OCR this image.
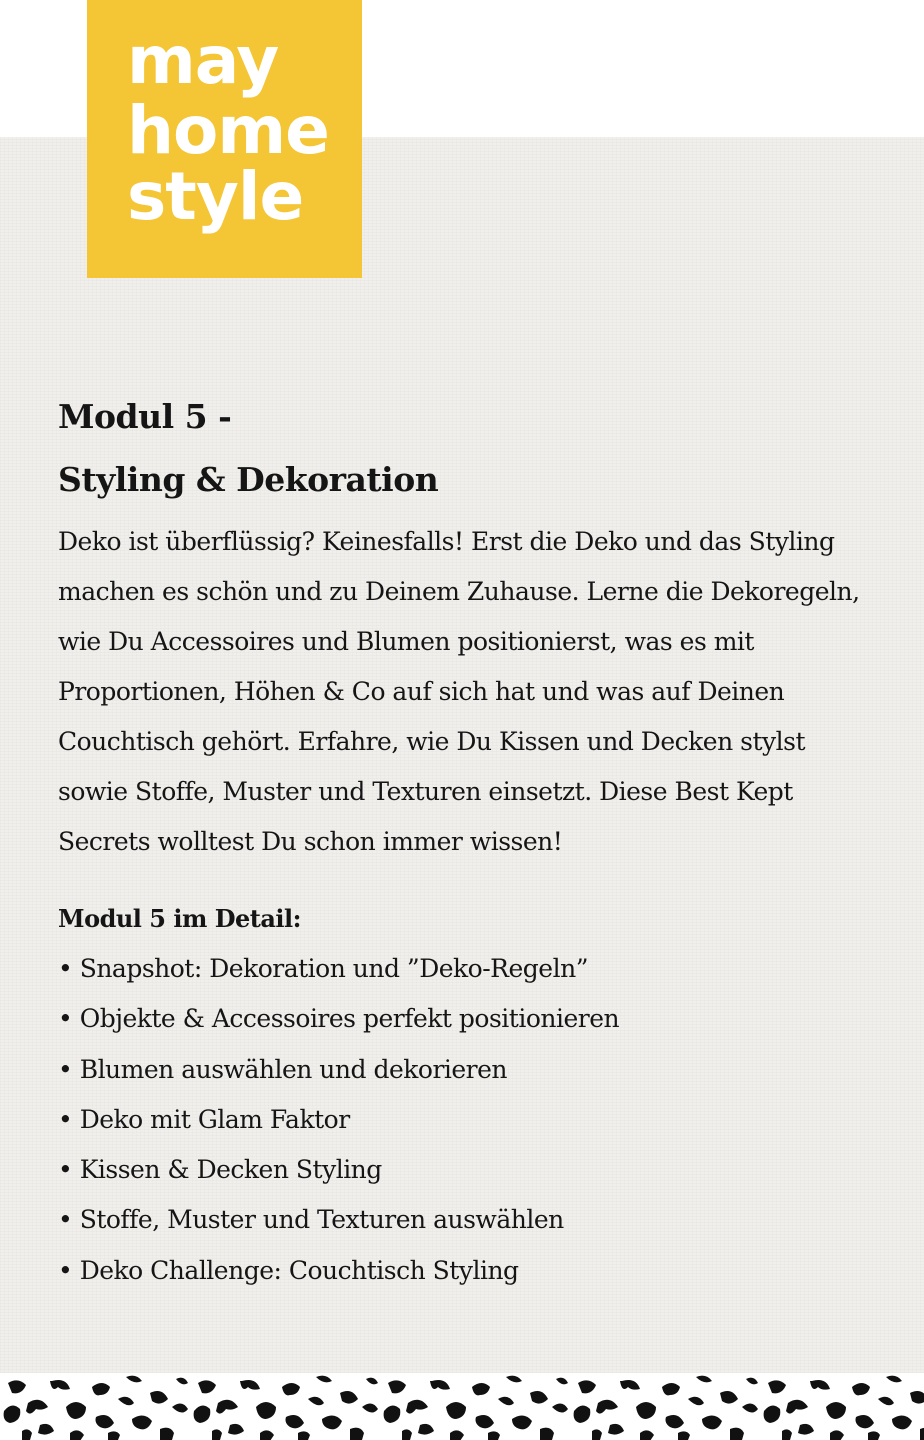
may
home
style
Modul 5 -
Styling & Dekoration

Deko ist überflüssig? Keinesfalls! Erst die Deko und das Styling machen es schön und zu Deinem Zuhause. Lerne die Dekoregeln, wie Du Accessoires und Blumen positionierst, was es mit Proportionen, Höhen & Co auf sich hat und was auf Deinen Couchtisch gehört. Erfahre, wie Du Kissen und Decken stylst sowie Stoffe, Muster und Texturen einsetzt. Diese Best Kept Secrets wolltest Du schon immer wissen!

Modul 5 im Detail:

• Snapshot: Dekoration und ”Deko-Regeln”
• Objekte & Accessoires perfekt positionieren
• Blumen auswählen und dekorieren
• Deko mit Glam Faktor
• Kissen & Decken Styling
• Stoffe, Muster und Texturen auswählen
• Deko Challenge: Couchtisch Styling
